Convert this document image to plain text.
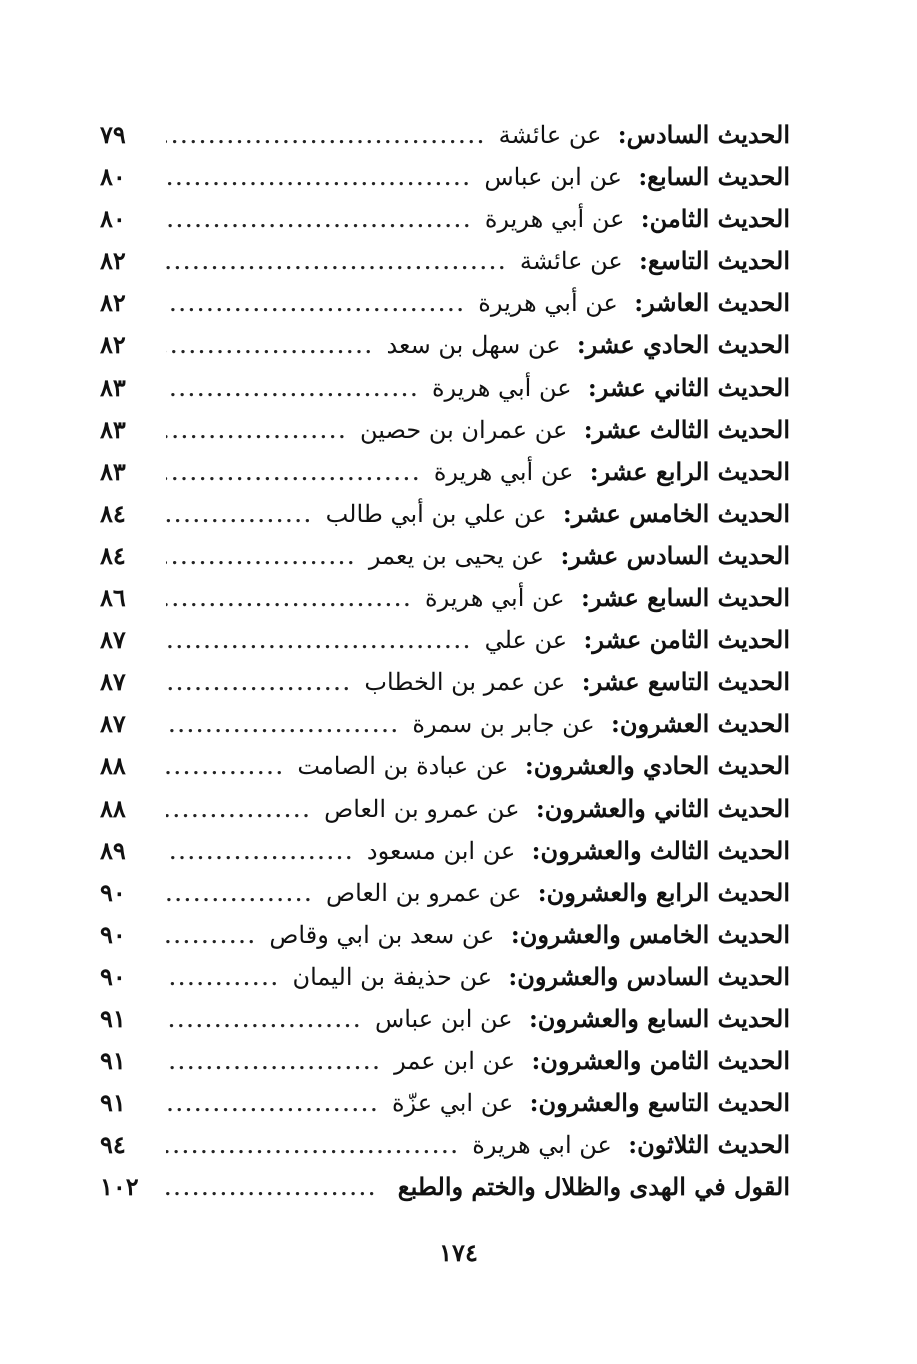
الحديث السادس: عن عائشة
.....
٧٩
الحديث السابع: عن ابن عباس
.....
٨٠
الحديث الثامن: عن أبي هريرة
.....
٨٠
الحديث التاسع: عن عائشة
.....
٨٢
الحديث العاشر: عن أبي هريرة
.....
٨٢
الحديث الحادي عشر: عن سهل بن سعد
.....
٨٢
الحديث الثاني عشر: عن أبي هريرة
.....
٨٣
الحديث الثالث عشر: عن عمران بن حصين
.....
٨٣
الحديث الرابع عشر: عن أبي هريرة
.....
٨٣
الحديث الخامس عشر: عن علي بن أبي طالب
.....
٨٤
الحديث السادس عشر: عن يحيى بن يعمر
.....
٨٤
الحديث السابع عشر: عن أبي هريرة
.....
٨٦
الحديث الثامن عشر: عن علي
.....
٨٧
الحديث التاسع عشر: عن عمر بن الخطاب
.....
٨٧
الحديث العشرون: عن جابر بن سمرة
.....
٨٧
الحديث الحادي والعشرون: عن عبادة بن الصامت
.....
٨٨
الحديث الثاني والعشرون: عن عمرو بن العاص
.....
٨٨
الحديث الثالث والعشرون: عن ابن مسعود
.....
٨٩
الحديث الرابع والعشرون: عن عمرو بن العاص
.....
٩٠
الحديث الخامس والعشرون: عن سعد بن ابي وقاص
.....
٩٠
الحديث السادس والعشرون: عن حذيفة بن اليمان
.....
٩٠
الحديث السابع والعشرون: عن ابن عباس
.....
٩١
الحديث الثامن والعشرون: عن ابن عمر
.....
٩١
الحديث التاسع والعشرون: عن ابي عزّة
.....
٩١
الحديث الثلاثون: عن ابي هريرة
.....
٩٤
القول في الهدى والظلال والختم والطبع
.....
١٠٢
١٧٤
